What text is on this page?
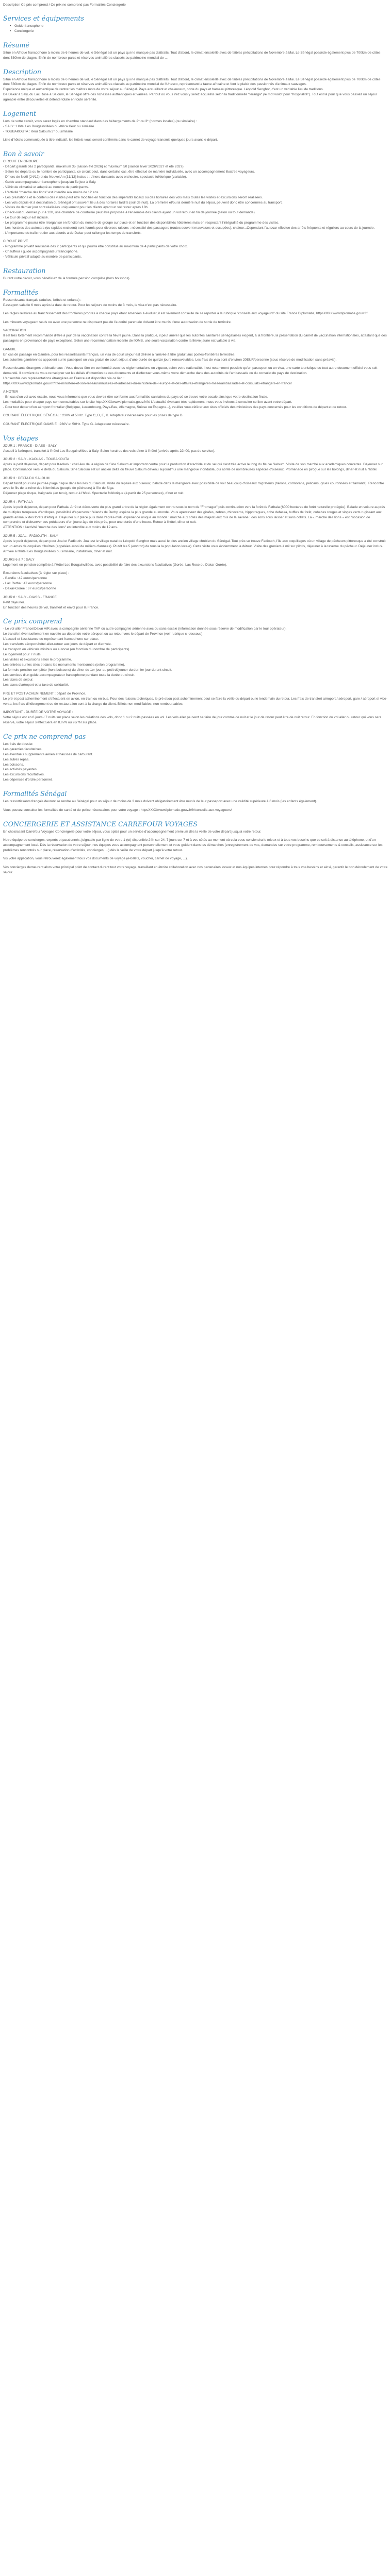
Description Ce prix comprend / Ce prix ne comprend pas Formalités Conciergerie

Services et équipements
• Guide francophone
• Conciergerie
Résumé

Situé en Afrique francophone à moins de 6 heures de vol, le Sénégal est un pays qui ne manque pas d'attraits. Tout d'abord, le climat ensoleillé avec de faibles précipitations de Novembre à Mai. Le Sénégal possède également plus de 700km de côtes dont 530km de plages. Enfin de nombreux parcs et réserves animalières classés au patrimoine mondial de ...

Description

Situé en Afrique francophone à moins de 6 heures de vol, le Sénégal est un pays qui ne manque pas d'attraits. Tout d'abord, le climat ensoleillé avec de faibles précipitations de Novembre à Mai. Le Sénégal possède également plus de 700km de côtes dont 530km de plages. Enfin de nombreux parcs et réserves animalières classés au patrimoine mondial de l'Unesco, représentant la faune africaine et font le plaisir des passionnés d'animaux sauvages.

Expérience unique et authentique de rentrer les maîtres mots de votre séjour au Sénégal. Pays accueillant et chaleureux, porte du pays et hameau pittoresque. Léopold Senghor, c'est un véritable lieu de traditions.

De Dakar à Saly, du Lac Rose à Saloum, le Sénégal offre des richesses authentiques et variées. Partout où vous irez vous y serez accueillis selon la traditionnelle "teranga" (le mot wolof pour "hospitalité"). Tout est là pour que vous passiez un séjour agréable entre découvertes et détente totale en toute sérénité.

Logement

Lors de votre circuit, vous serez logés en chambre standard dans des hébergements de 2* ou 3* (normes locales) (ou similaire) :

- SALY : Hôtel Les Bougainvillées ou Africa Keur ou similaire.

- TOUBAKOUTA : Keur Saloum 3* ou similaire

Liste d'hôtels communiquée à titre indicatif, les hôtels vous seront confirmés dans le carnet de voyage transmis quelques jours avant le départ.

Bon à savoir

CIRCUIT EN GROUPE

- Départ garanti dès 2 participants, maximum 35 (saison été 2026) et maximum 50 (saison hiver 2026/2027 et été 2027).

- Selon les départs ou le nombre de participants, ce circuit peut, dans certains cas, être effectué de manière individuelle, avec un accompagnement illustres voyageurs.

- Dîners de Noël (24/12) et du Nouvel An (31/12) inclus : : dîners dansants avec orchestre, spectacle folklorique (variable).

- Guide accompagnateur francophone jusqu'au 5e jour à Saly.

- Véhicule climatisé et adapté au nombre de participants.

- L'activité "marche des lions" est interdite aux moins de 12 ans.

- Les prestations et le contenu des visites peut être modifiés en fonction des impératifs locaux ou des horaires des vols mais toutes les visites et excursions seront réalisées.

- Les vols depuis et à destination du Sénégal ont souvent lieu à des horaires tardifs (soir de nuit). La première et/ou la dernière nuit du séjour, peuvent donc être concernées au transport.

- Visites du dernier jour sont réalisées uniquement pour les clients ayant un vol retour après 18h.

- Check-out du dernier jour à 12h, une chambre de courtoisie peut être proposée à l'ensemble des clients ayant un vol retour en fin de journée (selon ou tout demande).

- Le tour de séjour est inclusé.

- Le programme pourra être réorganisé en fonction du nombre de groupe sur place et en fonction des disponibilités hôtelières mais en respectant l'intégralité du programme des visites.

- Les horaires des autocars (ou rapides excluent) sont fournis pour diverses raisons : nécessité des passagers (routes souvent mauvaises et occupées), chaleur...Cependant l'autocar effectue des arrêts fréquents et réguliers au cours de la journée.

- L'importance du trafic routier aux abords a de Dakar peut rallonger les temps de transferts.

CIRCUIT PRIVÉ

- Programme privatif réalisable dès 2 participants et qui pourra être constitué au maximum de 4 participants de votre choix.

- Chauffeur / guide accompagnateur francophone.

- Véhicule privatif adapté au nombre de participants.

Restauration

Durant votre circuit, vous bénéficiez de la formule pension complète (hors boissons).

Formalités

Ressortissants français (adultes, bébés et enfants) :

Passeport valable 6 mois après la date de retour. Pour les séjours de moins de 3 mois, le visa n'est pas nécessaire.

Les règles relatives au franchissement des frontières propres à chaque pays étant amenées à évoluer, il est vivement conseillé de se reporter à la rubrique "conseils aux voyageurs" du site France Diplomatie, httpsXXXXwwwdiplomatie.gouv.fr/

Les mineurs voyageant seuls ou avec une personne ne disposant pas de l'autorité parentale doivent être munis d'une autorisation de sortie de territoire.

VACCINATION

Il est très fortement recommandé d'être à jour de la vaccination contre la fièvre jaune. Dans la pratique, il peut arriver que les autorités sanitaires sénégalaises exigent, à la frontière, la présentation du carnet de vaccination internationales, attestant que des passagers en provenance de pays exceptions. Selon une recommandation récente de l'OMS, une seule vaccination contre la fièvre jaune est valable à vie.

GAMBIE

En cas de passage en Gambie, pour les ressortissants français, un visa de court séjour est délivré à l'arrivée à titre gratuit aux postes-frontières terrestres.

Les autorités gambiennes apposent sur le passeport un visa gratuit de court séjour, d'une durée de quinze jours renouvelables. Les frais de visa sont d'environ 20EUR/personne (sous réserve de modification sans préavis).

Ressortissants étrangers et binationaux : Vous devez être en conformité avec les réglementations en vigueur, selon votre nationalité. Il est notamment possible qu'un passeport ou un visa, une carte touristique ou tout autre document officiel vous soit demandé. Il convient de vous renseigner sur les délais d'obtention de ces documents et d'effectuer vous-même votre démarche dans des autorités de l'ambassade ou du consulat du pays de destination.

L'ensemble des représentations étrangères en France est disponible via ce lien :

httpsXXXXwwwdiplomatie.gouv.fr/fr/le-ministere-et-son-reseau/annuaires-et-adresses-du-ministere-de-l-europe-et-des-affaires-etrangeres-meae/ambassades-et-consulats-etrangers-en-france/

A NOTER

- En cas d'un vol avec escale, nous vous informons que vous devrez être conforme aux formalités sanitaires du pays où se trouve votre escale ainsi que votre destination finale.

Les modalités pour chaque pays sont consultables sur le site httpsXXXXwwwdiplomatie.gouv.fr/fr/ L'actualité évoluant très rapidement, nous vous invitons à consulter ce lien avant votre départ.

- Pour tout départ d'un aéroport frontalier (Belgique, Luxembourg, Pays-Bas, Allemagne, Suisse ou Espagne...), veuillez vous référer aux sites officiels des ministères des pays concernés pour les conditions de départ et de retour.

COURANT ÉLECTRIQUE SÉNÉGAL : 230V et 50Hz. Type C, D, E, K. Adaptateur nécessaire pour les prises de type D.

COURANT ÉLECTRIQUE GAMBIE : 230V et 50Hz. Type G. Adaptateur nécessaire.

Vos étapes

JOUR 1 : FRANCE - DIASS - SALY

Accueil à l'aéroport, transfert à l'hôtel Les Bougainvillées à Saly. Selon horaires des vols dîner à l'hôtel (arrivée après 22h00, pas de service).

JOUR 2 : SALY - KAOLAK - TOUBAKOUTA

Après le petit déjeuner, départ pour Kaolack : chef-lieu de la région de Sine Saloum et important centre pour la production d'arachide et du sel qui s'est très active le long du fleuve Saloum. Visite de son marché aux académiques couvertes. Déjeuner sur place. Continuation vers le delta du Saloum. Sine Saloum est un ancien delta du fleuve Saloum devenu aujourd'hui une mangrove inondable, qui abrite de nombreuses espèces d'oiseaux. Promenade en pirogue sur les bolongs, dîner et nuit à l'hôtel.

JOUR 3 : DELTA DU SALOUM

Départ tardif pour une journée plage risque dans les îles du Saloum. Visite du repaire aux oiseaux, balade dans la mangrove avec possibilité de voir beaucoup d'oiseaux migrateurs (hérons, cormorans, pélicans, grues couronnées et flamants). Rencontre avec le fils de la reine des Niominkas (peuple de pêcheurs) à l'île de Siga.

Déjeuner plage risque, baignade (en tenu), retour à l'hôtel. Spectacle folklorique (à partir de 25 personnes), dîner et nuit.

JOUR 4 : FATHALA

Après le petit déjeuner, départ pour Fathala. Arrêt et découverte du plus grand arbre de la région également connu sous le nom de "Fromager" puis continuation vers la forêt de Fathala (6000 hectares de forêt naturelle protégée). Balade en voiture auprès de multiples troupeaux d'antilopes, possibilité d'apercevoir l'élands de Derby, espèce la plus grande au monde. Vous apercevrez des girafes, zèbres, rhinocéros, hippotragues, cobe defassa, buffles de forêt, cobebes rouges et singes verts rugissant aux grands animaux des forêts d'Afrique. Déjeuner sur place puis dans l'après-midi, expérience unique au monde : marche aux côtés des majestueux rois de la savane : des lions sous laisser et sans collets. La « marche des lions » est l'occasion de comprendre et d'observer ces prédateurs d'un jeune âge de très près, pour une durée d'une heure. Retour à l'hôtel, dîner et nuit.

ATTENTION : l'activité "marche des lions" est interdite aux moins de 12 ans.

JOUR 5 : JOAL - FADIOUTH - SALY

Après le petit déjeuner, départ pour Joal et Fadiouth. Joal est le village natal de Léopold Senghor mais aussi le plus ancien village chrétien du Sénégal. Tout près se trouve Fadiouth, l'île aux coquillages où un village de pêcheurs pittoresque a été construit sur un amas de coquilles d'huîtres (appelées aussi de milliers d'années). Plutôt les 5 (environ) de tous la la population locale). Cette visite vous évidemment la détour. Visite des greniers à mil sur pilotis, déjeuner à la taverne du pêcheur. Déjeuner inclus. Arrivée à l'hôtel Les Bougainvillées ou similaire, installation, dîner et nuit.

JOURS 6 à 7 : SALY

Logement en pension complète à l'Hôtel Les Bougainvillées, avec possibilité de faire des excursions facultatives (Gorée, Lac Rose ou Dakar-Gorée).

Excursions facultatives (à régler sur place) :

- Bandia : 42 euros/personne

- Lac Retba : 47 euros/personne

- Dakar-Gorée : 67 euros/personne

JOUR 8 : SALY - DIASS - FRANCE

Petit déjeuner.

En fonction des heures de vol, transfert et envol pour la France.

Ce prix comprend

- Le vol aller France/Dakar A/R avec la compagnie aérienne TAP ou autre compagnie aérienne avec ou sans escale (information donnée sous réserve de modification par le tour opérateur).

Le transfert éventuellement en navette au départ de votre aéroport ou au retour vers le départ de Province (voir rubrique ci-dessous).

L'accueil et l'assistance du représentant francophone sur place.

Les transferts aéroport/hôtel aller-retour aux jours de départ et d'arrivée.

Le transport en véhicule minibus ou autocar (en fonction du nombre de participants).

Le logement pour 7 nuits.

Les visites et excursions selon le programme.

Les entrées sur les sites et dans les monuments mentionnés (selon programme).

La formule pension complète (hors boissons) du dîner du 1er jour au petit déjeuner du dernier jour durant circuit.

Les services d'un guide accompagnateur francophone pendant toute la durée du circuit.

Les taxes de séjour.

Les taxes d'aéroport et la taxe de solidarité.

PRÉ ET POST ACHEMINEMENT : départ de Province.

Le pré et post acheminement s'effectuent en avion, en train ou en bus. Pour des raisons techniques, le pré et/ou post acheminement peut se faire la veille du départ ou le lendemain du retour. Les frais de transfert aéroport / aéroport, gare / aéroport et vice-versa, les frais d'hébergement ou de restauration sont à la charge du client. Billets non modifiables, non remboursables.

IMPORTANT - DURÉE DE VOTRE VOYAGE :

Votre séjour est en 8 jours / 7 nuits sur place selon les créations des vols, donc 1 ou 2 nuits passées en vol. Les vols aller peuvent se faire de jour comme de nuit et le jour de retour peut être de nuit retour. En fonction du vol aller ou retour qui vous sera réservé, votre séjour s'effectuera en 8J/7N ou 9J/7N sur place.

Ce prix ne comprend pas

Les frais de dossier.

Les garanties facultatives.

Les éventuels suppléments aérien et hausses de carburant.

Les autres repas.

Les boissons.

Les activités payantes.

Les excursions facultatives.

Les dépenses d'ordre personnel.

Formalités Sénégal

Les ressortissants français devront se rendre au Sénégal pour un séjour de moins de 3 mois doivent obligatoirement être munis de leur passeport avec une validité supérieure à 6 mois (les enfants également).

Vous pouvez consulter les formalités de santé et de police nécessaires pour votre voyage : httpsXXXXwwwdiplomatie.gouv.fr/fr/conseils-aux-voyageurs/

CONCIERGERIE ET ASSISTANCE CARREFOUR VOYAGES

En choisissant Carrefour Voyages Conciergerie pour votre séjour, vous optez pour un service d'accompagnement premium dès la veille de votre départ jusqu'à votre retour.

Notre équipe de concierges, experts et passionnés, joignable par ligne de votre 1 (et) disponible 24h sur 24, 7 jours sur 7 et à vos côtés au moment où cela vous conviendra le mieux et à tous vos besoins que ce soit à distance au téléphone, et d'un accompagnement local. Dès la réservation de votre séjour, nos équipes vous accompagnent personnellement et vous guident dans les démarches (enregistrement de vos, demandes sur votre programme, remboursements & conseils, assistance sur les problèmes rencontrés sur place, réservation d'activités, concierges, ...) dès la veille de votre départ jusqu'à votre retour.

Vis votre application, vous retrouverez également tous vos documents de voyage (e-billets, voucher, carnet de voyage, ...).

Vos concierges demeurent alors votre principal point de contact durant tout votre voyage, travaillant en étroite collaboration avec nos partenaires locaux et nos équipes internes pour répondre à tous vos besoins et ainsi, garantir le bon déroulement de votre séjour.
